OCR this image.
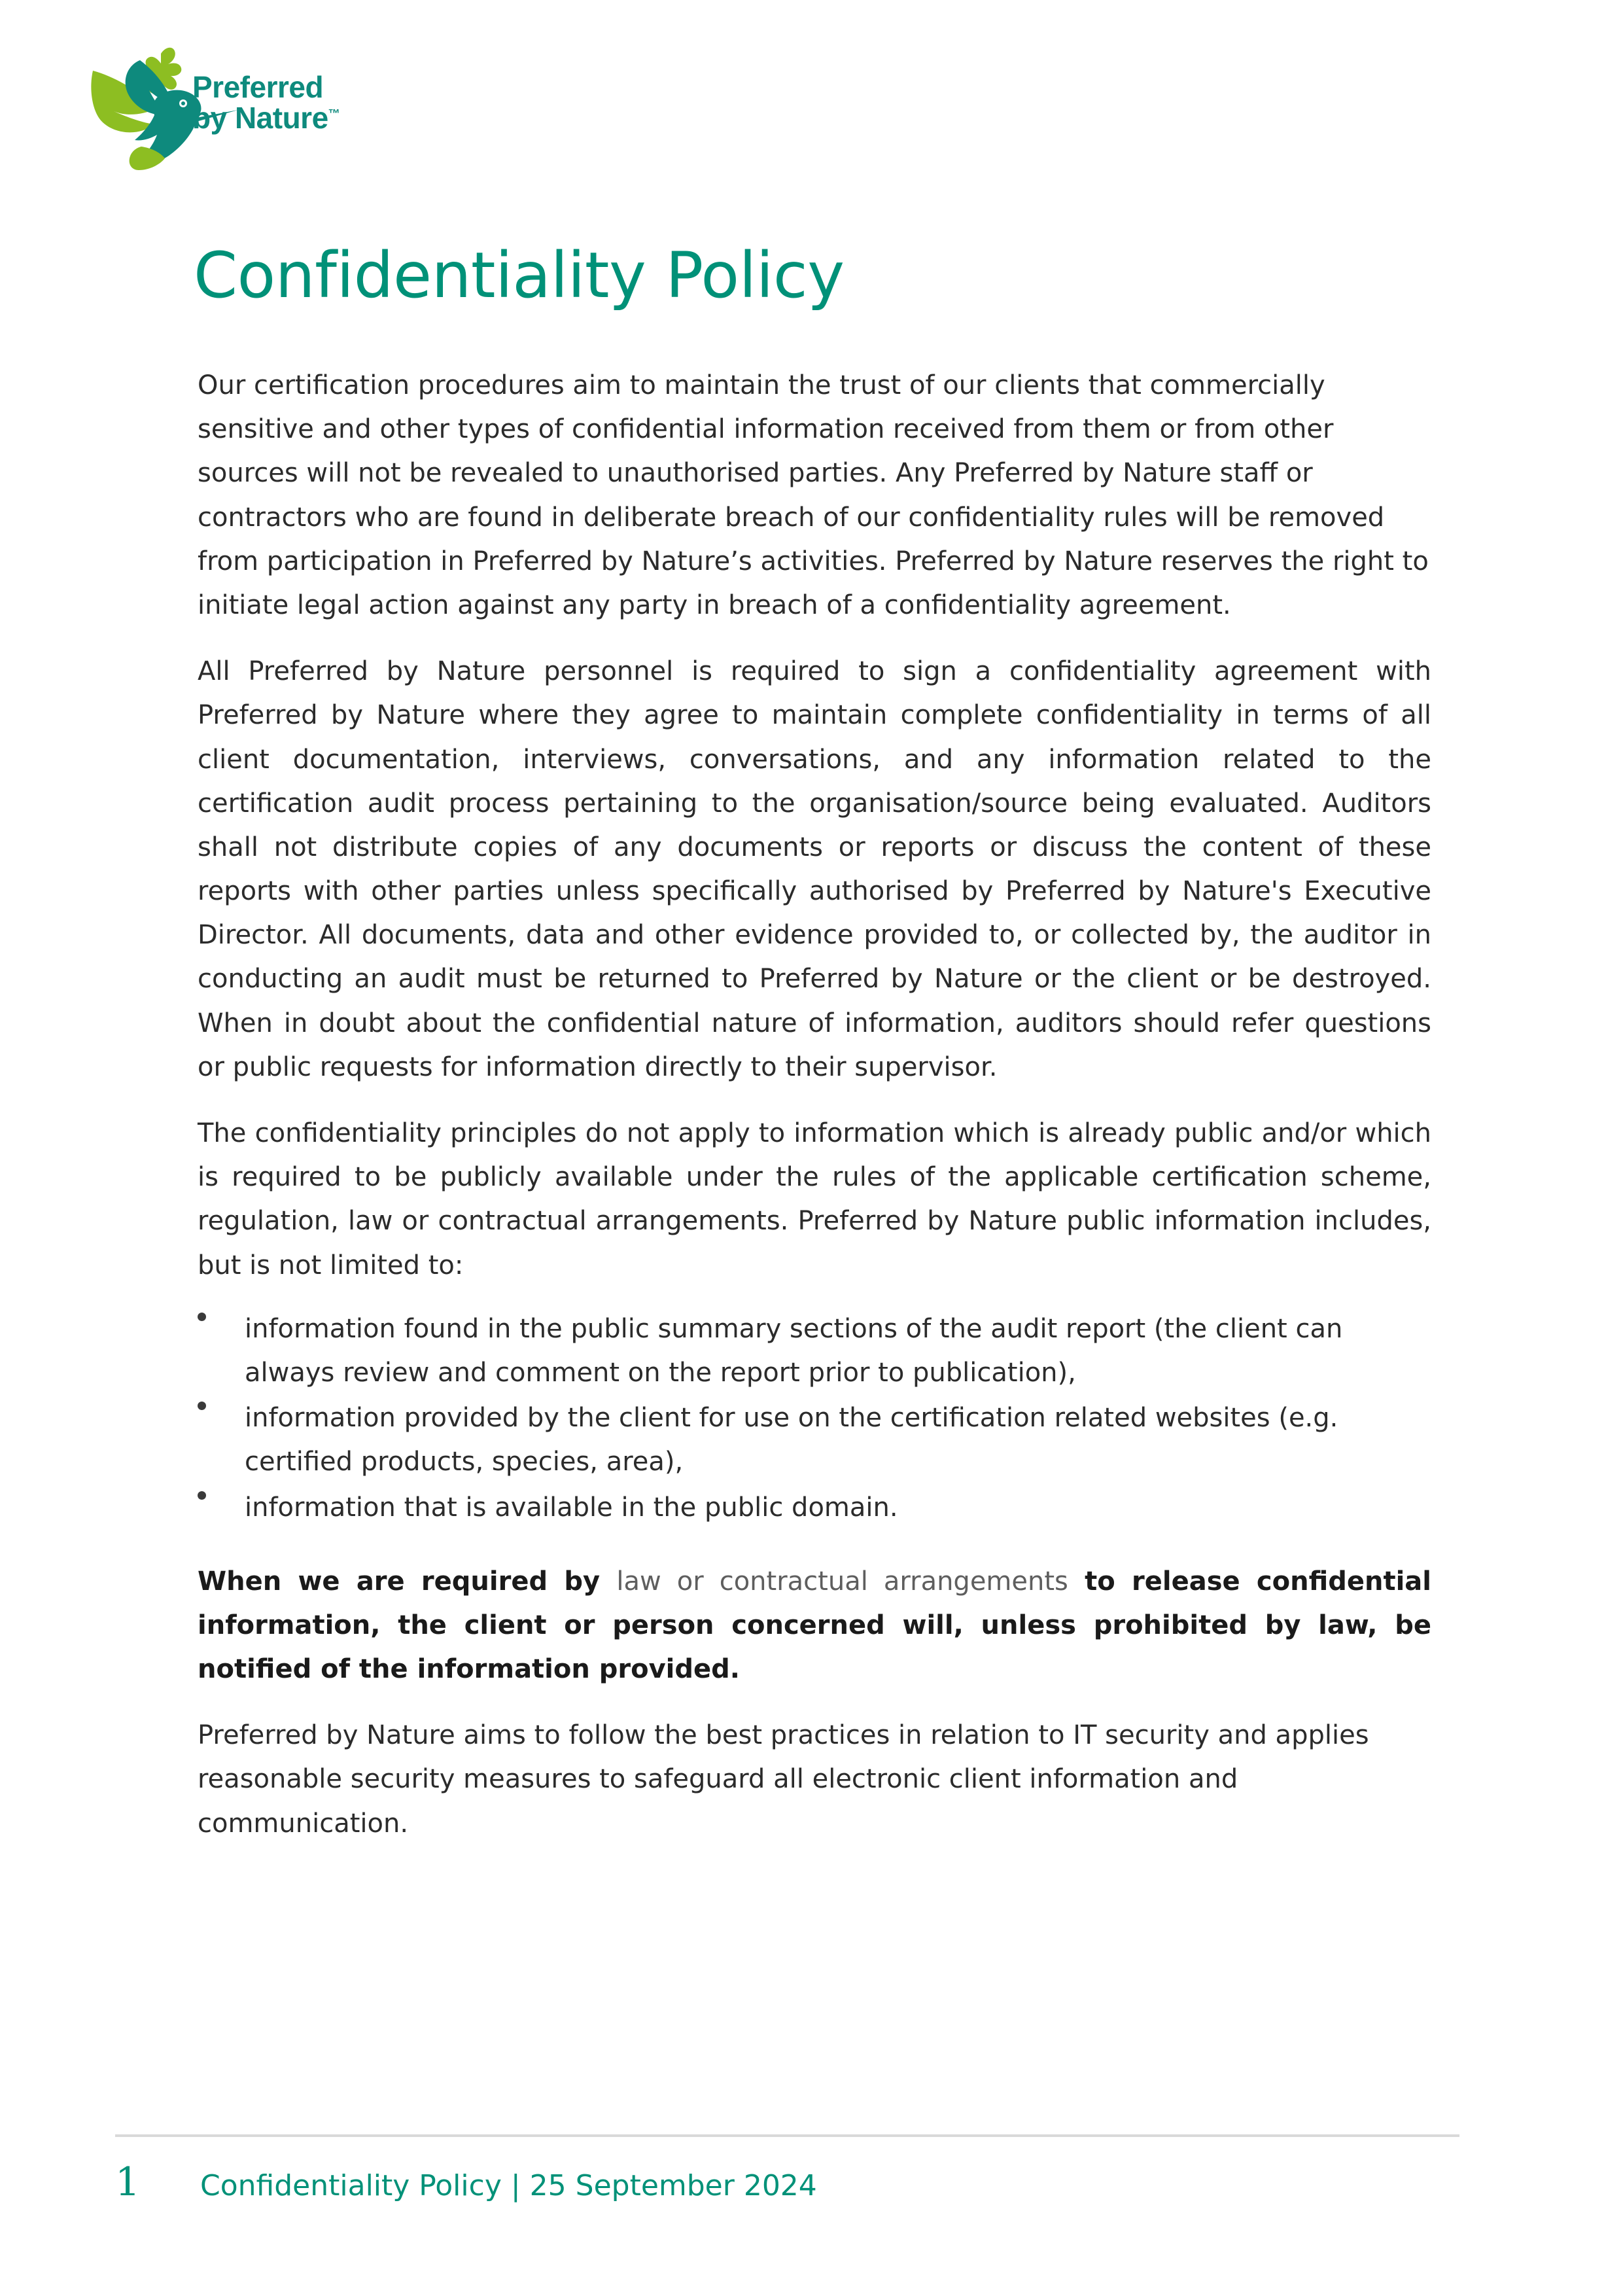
Preferred
by Nature™
Confidentiality Policy

Our certification procedures aim to maintain the trust of our clients that commercially sensitive and other types of confidential information received from them or from other sources will not be revealed to unauthorised parties. Any Preferred by Nature staff or contractors who are found in deliberate breach of our confidentiality rules will be removed from participation in Preferred by Nature’s activities. Preferred by Nature reserves the right to initiate legal action against any party in breach of a confidentiality agreement.

All Preferred by Nature personnel is required to sign a confidentiality agreement with Preferred by Nature where they agree to maintain complete confidentiality in terms of all client documentation, interviews, conversations, and any information related to the certification audit process pertaining to the organisation/source being evaluated. Auditors shall not distribute copies of any documents or reports or discuss the content of these reports with other parties unless specifically authorised by Preferred by Nature's Executive Director. All documents, data and other evidence provided to, or collected by, the auditor in conducting an audit must be returned to Preferred by Nature or the client or be destroyed. When in doubt about the confidential nature of information, auditors should refer questions or public requests for information directly to their supervisor.

The confidentiality principles do not apply to information which is already public and/or which is required to be publicly available under the rules of the applicable certification scheme, regulation, law or contractual arrangements. Preferred by Nature public information includes, but is not limited to:

information found in the public summary sections of the audit report (the client can always review and comment on the report prior to publication),
information provided by the client for use on the certification related websites (e.g. certified products, species, area),
information that is available in the public domain.

When we are required by law or contractual arrangements to release confidential information, the client or person concerned will, unless prohibited by law, be notified of the information provided.

Preferred by Nature aims to follow the best practices in relation to IT security and applies reasonable security measures to safeguard all electronic client information and communication.

1	Confidentiality Policy | 25 September 2024
